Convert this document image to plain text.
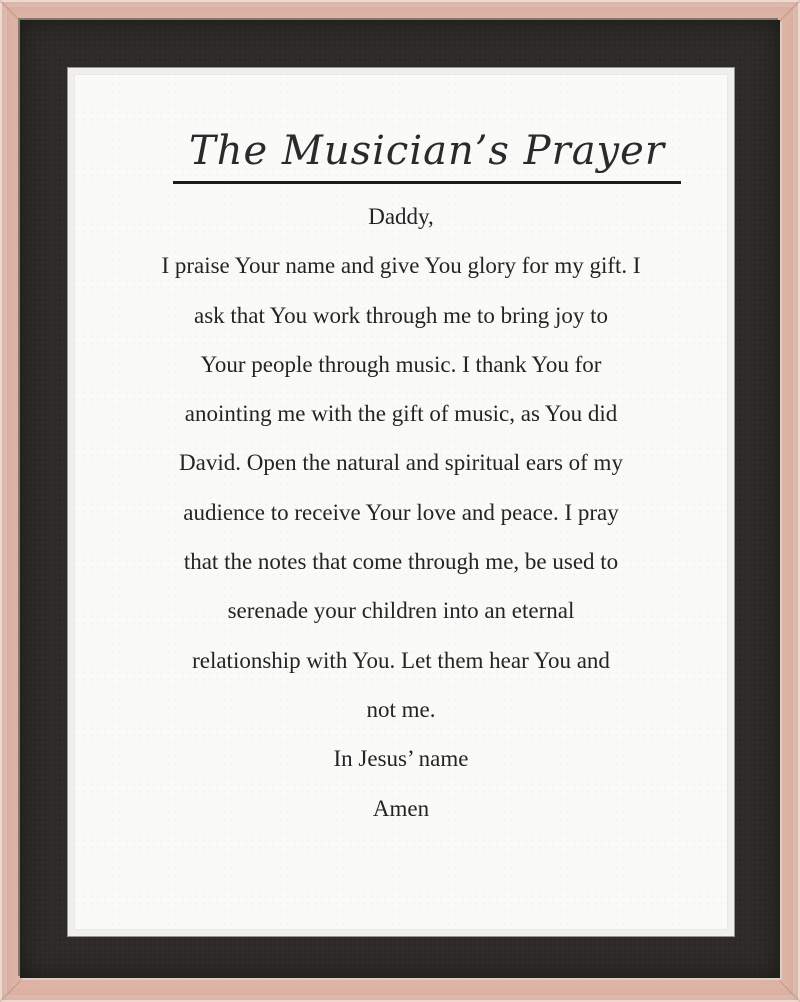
The Musician’s Prayer
Daddy,
I praise Your name and give You glory for my gift. I
ask that You work through me to bring joy to
Your people through music. I thank You for
anointing me with the gift of music, as You did
David. Open the natural and spiritual ears of my
audience to receive Your love and peace. I pray
that the notes that come through me, be used to
serenade your children into an eternal
relationship with You. Let them hear You and
not me.
In Jesus’ name
Amen
